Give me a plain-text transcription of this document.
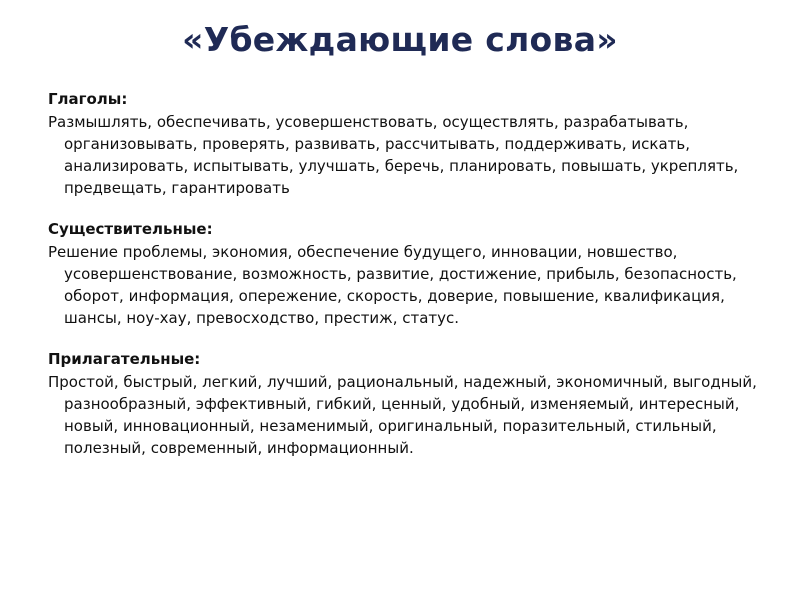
«Убеждающие слова»
Глаголы:
Размышлять, обеспечивать, усовершенствовать, осуществлять, разрабатывать, организовывать, проверять, развивать, рассчитывать, поддерживать, искать, анализировать, испытывать, улучшать, беречь, планировать, повышать, укреплять, предвещать, гарантировать
Существительные:
Решение проблемы, экономия, обеспечение будущего, инновации, новшество, усовершенствование, возможность, развитие, достижение, прибыль, безопасность, оборот, информация, опережение, скорость, доверие, повышение, квалификация, шансы, ноу-хау, превосходство, престиж, статус.
Прилагательные:
Простой, быстрый, легкий, лучший, рациональный, надежный, экономичный, выгодный, разнообразный, эффективный, гибкий, ценный, удобный, изменяемый, интересный, новый, инновационный, незаменимый, оригинальный, поразительный, стильный, полезный, современный, информационный.
